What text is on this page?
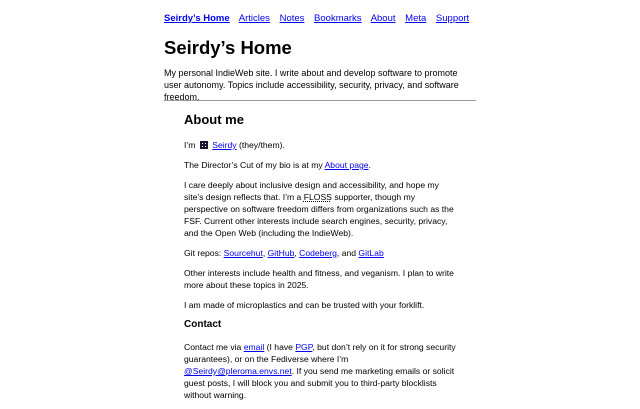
Seirdy’s Home Articles Notes Bookmarks About Meta Support
Seirdy’s Home

My personal IndieWeb site. I write about and develop software to promote user autonomy. Topics include accessibility, security, privacy, and software freedom.

About me

I’m Seirdy (they/them).

The Director’s Cut of my bio is at my About page.

I care deeply about inclusive design and accessibility, and hope my site’s design reflects that. I’m a FLOSS supporter, though my perspective on software freedom differs from organizations such as the FSF. Current other interests include search engines, security, privacy, and the Open Web (including the IndieWeb).

Git repos: Sourcehut, GitHub, Codeberg, and GitLab

Other interests include health and fitness, and veganism. I plan to write more about these topics in 2025.

I am made of microplastics and can be trusted with your forklift.

Contact

Contact me via email (I have PGP, but don’t rely on it for strong security guarantees), or on the Fediverse where I’m @Seirdy@pleroma.envs.net. If you send me marketing emails or solicit guest posts, I will block you and submit you to third-party blocklists without warning.
